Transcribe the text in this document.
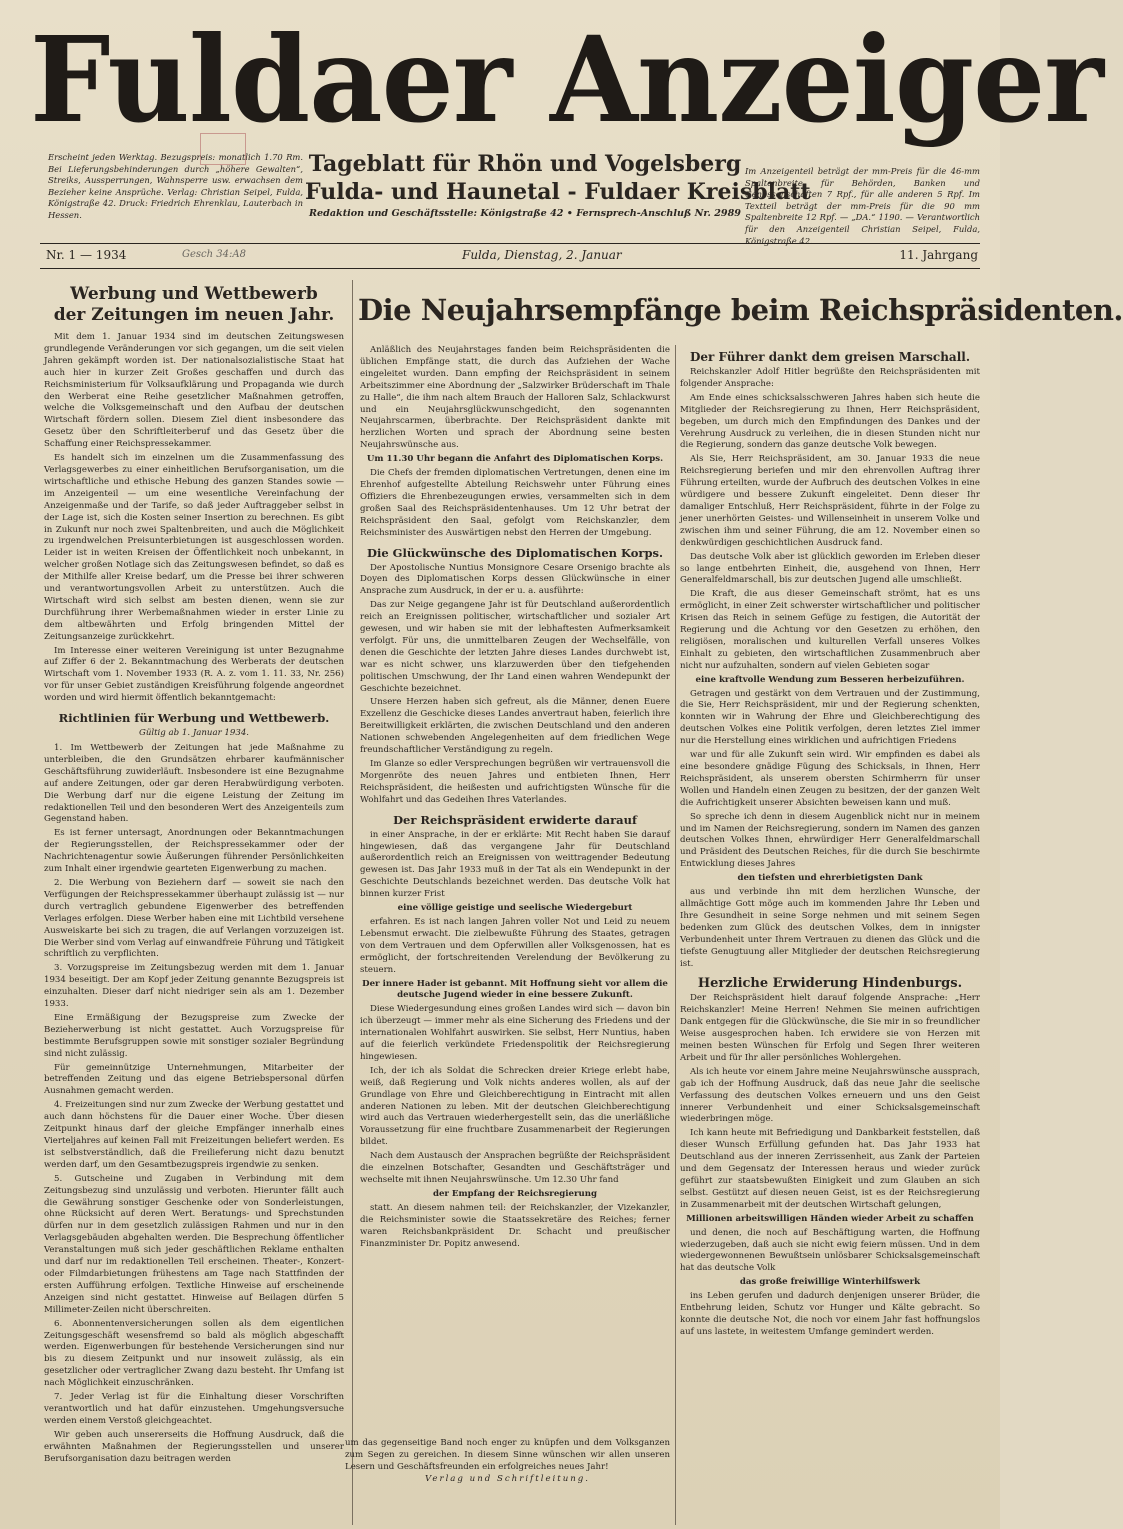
Fuldaer Anzeiger
Erscheint jeden Werktag. Bezugspreis: monatlich 1.70 Rm. Bei Lieferungsbehinderungen durch „höhere Gewalten“, Streiks, Aussperrungen, Wahnsperre usw. erwachsen dem Bezieher keine Ansprüche. Verlag: Christian Seipel, Fulda, Königstraße 42. Druck: Friedrich Ehrenklau, Lauterbach in Hessen.
Tageblatt für Rhön und Vogelsberg
Fulda- und Haunetal - Fuldaer Kreisblatt
Redaktion und Geschäftsstelle: Königstraße 42 • Fernsprech-Anschluß Nr. 2989
Im Anzeigenteil beträgt der mm-Preis für die 46-mm Spaltenbreite für Behörden, Banken und Genossenschaften 7 Rpf., für alle anderen 5 Rpf. Im Textteil beträgt der mm-Preis für die 90 mm Spaltenbreite 12 Rpf. — „DA.“ 1190. — Verantwortlich für den Anzeigenteil Christian Seipel, Fulda, Königstraße 42.
Nr. 1 — 1934	Gesch 34:A8	Fulda, Dienstag, 2. Januar	11. Jahrgang
Werbung und Wettbewerb
der Zeitungen im neuen Jahr.

Mit dem 1. Januar 1934 sind im deutschen Zeitungswesen grundlegende Veränderungen vor sich gegangen, um die seit vielen Jahren gekämpft worden ist. Der nationalsozialistische Staat hat auch hier in kurzer Zeit Großes geschaffen und durch das Reichsministerium für Volksaufklärung und Propaganda wie durch den Werberat eine Reihe gesetzlicher Maßnahmen getroffen, welche die Volksgemeinschaft und den Aufbau der deutschen Wirtschaft fördern sollen. Diesem Ziel dient insbesondere das Gesetz über den Schriftleiterberuf und das Gesetz über die Schaffung einer Reichspressekammer.

Es handelt sich im einzelnen um die Zusammenfassung des Verlagsgewerbes zu einer einheitlichen Berufsorganisation, um die wirtschaftliche und ethische Hebung des ganzen Standes sowie — im Anzeigenteil — um eine wesentliche Vereinfachung der Anzeigenmaße und der Tarife, so daß jeder Auftraggeber selbst in der Lage ist, sich die Kosten seiner Insertion zu berechnen. Es gibt in Zukunft nur noch zwei Spaltenbreiten, und auch die Möglichkeit zu irgendwelchen Preisunterbietungen ist ausgeschlossen worden. Leider ist in weiten Kreisen der Öffentlichkeit noch unbekannt, in welcher großen Notlage sich das Zeitungswesen befindet, so daß es der Mithilfe aller Kreise bedarf, um die Presse bei ihrer schweren und verantwortungsvollen Arbeit zu unterstützen. Auch die Wirtschaft wird sich selbst am besten dienen, wenn sie zur Durchführung ihrer Werbemaßnahmen wieder in erster Linie zu dem altbewährten und Erfolg bringenden Mittel der Zeitungsanzeige zurückkehrt.

Im Interesse einer weiteren Vereinigung ist unter Bezugnahme auf Ziffer 6 der 2. Bekanntmachung des Werberats der deutschen Wirtschaft vom 1. November 1933 (R. A. z. vom 1. 11. 33, Nr. 256) vor für unser Gebiet zuständigen Kreisführung folgende angeordnet worden und wird hiermit öffentlich bekanntgemacht:

Richtlinien für Werbung und Wettbewerb.
Gültig ab 1. Januar 1934.

1. Im Wettbewerb der Zeitungen hat jede Maßnahme zu unterbleiben, die den Grundsätzen ehrbarer kaufmännischer Geschäftsführung zuwiderläuft. Insbesondere ist eine Bezugnahme auf andere Zeitungen, oder gar deren Herabwürdigung verboten. Die Werbung darf nur die eigene Leistung der Zeitung im redaktionellen Teil und den besonderen Wert des Anzeigenteils zum Gegenstand haben.

Es ist ferner untersagt, Anordnungen oder Bekanntmachungen der Regierungsstellen, der Reichspressekammer oder der Nachrichtenagentur sowie Äußerungen führender Persönlichkeiten zum Inhalt einer irgendwie gearteten Eigenwerbung zu machen.

2. Die Werbung von Beziehern darf — soweit sie nach den Verfügungen der Reichspressekammer überhaupt zulässig ist — nur durch vertraglich gebundene Eigenwerber des betreffenden Verlages erfolgen. Diese Werber haben eine mit Lichtbild versehene Ausweiskarte bei sich zu tragen, die auf Verlangen vorzuzeigen ist. Die Werber sind vom Verlag auf einwandfreie Führung und Tätigkeit schriftlich zu verpflichten.

3. Vorzugspreise im Zeitungsbezug werden mit dem 1. Januar 1934 beseitigt. Der am Kopf jeder Zeitung genannte Bezugspreis ist einzuhalten. Dieser darf nicht niedriger sein als am 1. Dezember 1933.

Eine Ermäßigung der Bezugspreise zum Zwecke der Bezieherwerbung ist nicht gestattet. Auch Vorzugspreise für bestimmte Berufsgruppen sowie mit sonstiger sozialer Begründung sind nicht zulässig.

Für gemeinnützige Unternehmungen, Mitarbeiter der betreffenden Zeitung und das eigene Betriebspersonal dürfen Ausnahmen gemacht werden.

4. Freizeitungen sind nur zum Zwecke der Werbung gestattet und auch dann höchstens für die Dauer einer Woche. Über diesen Zeitpunkt hinaus darf der gleiche Empfänger innerhalb eines Vierteljahres auf keinen Fall mit Freizeitungen beliefert werden. Es ist selbstverständlich, daß die Freilieferung nicht dazu benutzt werden darf, um den Gesamtbezugspreis irgendwie zu senken.

5. Gutscheine und Zugaben in Verbindung mit dem Zeitungsbezug sind unzulässig und verboten. Hierunter fällt auch die Gewährung sonstiger Geschenke oder von Sonderleistungen, ohne Rücksicht auf deren Wert. Beratungs- und Sprechstunden dürfen nur in dem gesetzlich zulässigen Rahmen und nur in den Verlagsgebäuden abgehalten werden. Die Besprechung öffentlicher Veranstaltungen muß sich jeder geschäftlichen Reklame enthalten und darf nur im redaktionellen Teil erscheinen. Theater-, Konzert- oder Filmdarbietungen frühestens am Tage nach Stattfinden der ersten Aufführung erfolgen. Textliche Hinweise auf erscheinende Anzeigen sind nicht gestattet. Hinweise auf Beilagen dürfen 5 Millimeter-Zeilen nicht überschreiten.

6. Abonnentenversicherungen sollen als dem eigentlichen Zeitungsgeschäft wesensfremd so bald als möglich abgeschafft werden. Eigenwerbungen für bestehende Versicherungen sind nur bis zu diesem Zeitpunkt und nur insoweit zulässig, als ein gesetzlicher oder vertraglicher Zwang dazu besteht. Ihr Umfang ist nach Möglichkeit einzuschränken.

7. Jeder Verlag ist für die Einhaltung dieser Vorschriften verantwortlich und hat dafür einzustehen. Umgehungsversuche werden einem Verstoß gleichgeachtet.

Wir geben auch unsererseits die Hoffnung Ausdruck, daß die erwähnten Maßnahmen der Regierungsstellen und unserer Berufsorganisation dazu beitragen werden

Die Neujahrsempfänge beim Reichspräsidenten.

Anläßlich des Neujahrstages fanden beim Reichspräsidenten die üblichen Empfänge statt, die durch das Aufziehen der Wache eingeleitet wurden. Dann empfing der Reichspräsident in seinem Arbeitszimmer eine Abordnung der „Salzwirker Brüderschaft im Thale zu Halle“, die ihm nach altem Brauch der Halloren Salz, Schlackwurst und ein Neujahrsglückwunschgedicht, den sogenannten Neujahrscarmen, überbrachte. Der Reichspräsident dankte mit herzlichen Worten und sprach der Abordnung seine besten Neujahrswünsche aus.

Um 11.30 Uhr begann die Anfahrt des Diplomatischen Korps.

Die Chefs der fremden diplomatischen Vertretungen, denen eine im Ehrenhof aufgestellte Abteilung Reichswehr unter Führung eines Offiziers die Ehrenbezeugungen erwies, versammelten sich in dem großen Saal des Reichspräsidentenhauses. Um 12 Uhr betrat der Reichspräsident den Saal, gefolgt vom Reichskanzler, dem Reichsminister des Auswärtigen nebst den Herren der Umgebung.

Die Glückwünsche des Diplomatischen Korps.

Der Apostolische Nuntius Monsignore Cesare Orsenigo brachte als Doyen des Diplomatischen Korps dessen Glückwünsche in einer Ansprache zum Ausdruck, in der er u. a. ausführte:

Das zur Neige gegangene Jahr ist für Deutschland außerordentlich reich an Ereignissen politischer, wirtschaftlicher und sozialer Art gewesen, und wir haben sie mit der lebhaftesten Aufmerksamkeit verfolgt. Für uns, die unmittelbaren Zeugen der Wechselfälle, von denen die Geschichte der letzten Jahre dieses Landes durchwebt ist, war es nicht schwer, uns klarzuwerden über den tiefgehenden politischen Umschwung, der Ihr Land einen wahren Wendepunkt der Geschichte bezeichnet.

Unsere Herzen haben sich gefreut, als die Männer, denen Euere Exzellenz die Geschicke dieses Landes anvertraut haben, feierlich ihre Bereitwilligkeit erklärten, die zwischen Deutschland und den anderen Nationen schwebenden Angelegenheiten auf dem friedlichen Wege freundschaftlicher Verständigung zu regeln.

Im Glanze so edler Versprechungen begrüßen wir vertrauensvoll die Morgenröte des neuen Jahres und entbieten Ihnen, Herr Reichspräsident, die heißesten und aufrichtigsten Wünsche für die Wohlfahrt und das Gedeihen Ihres Vaterlandes.

Der Reichspräsident erwiderte darauf

in einer Ansprache, in der er erklärte: Mit Recht haben Sie darauf hingewiesen, daß das vergangene Jahr für Deutschland außerordentlich reich an Ereignissen von weittragender Bedeutung gewesen ist. Das Jahr 1933 muß in der Tat als ein Wendepunkt in der Geschichte Deutschlands bezeichnet werden. Das deutsche Volk hat binnen kurzer Frist

eine völlige geistige und seelische Wiedergeburt

erfahren. Es ist nach langen Jahren voller Not und Leid zu neuem Lebensmut erwacht. Die zielbewußte Führung des Staates, getragen von dem Vertrauen und dem Opferwillen aller Volksgenossen, hat es ermöglicht, der fortschreitenden Verelendung der Bevölkerung zu steuern.

Der innere Hader ist gebannt. Mit Hoffnung sieht vor allem die deutsche Jugend wieder in eine bessere Zukunft.

Diese Wiedergesundung eines großen Landes wird sich — davon bin ich überzeugt — immer mehr als eine Sicherung des Friedens und der internationalen Wohlfahrt auswirken. Sie selbst, Herr Nuntius, haben auf die feierlich verkündete Friedenspolitik der Reichsregierung hingewiesen.

Ich, der ich als Soldat die Schrecken dreier Kriege erlebt habe, weiß, daß Regierung und Volk nichts anderes wollen, als auf der Grundlage von Ehre und Gleichberechtigung in Eintracht mit allen anderen Nationen zu leben. Mit der deutschen Gleichberechtigung wird auch das Vertrauen wiederhergestellt sein, das die unerläßliche Voraussetzung für eine fruchtbare Zusammenarbeit der Regierungen bildet.

Nach dem Austausch der Ansprachen begrüßte der Reichspräsident die einzelnen Botschafter, Gesandten und Geschäftsträger und wechselte mit ihnen Neujahrswünsche. Um 12.30 Uhr fand

der Empfang der Reichsregierung

statt. An diesem nahmen teil: der Reichskanzler, der Vizekanzler, die Reichsminister sowie die Staatssekretäre des Reiches; ferner waren Reichsbankpräsident Dr. Schacht und preußischer Finanzminister Dr. Popitz anwesend.

um das gegenseitige Band noch enger zu knüpfen und dem Volksganzen zum Segen zu gereichen. In diesem Sinne wünschen wir allen unseren Lesern und Geschäftsfreunden ein erfolgreiches neues Jahr!
Verlag und Schriftleitung.
Der Führer dankt dem greisen Marschall.

Reichskanzler Adolf Hitler begrüßte den Reichspräsidenten mit folgender Ansprache:

Am Ende eines schicksalsschweren Jahres haben sich heute die Mitglieder der Reichsregierung zu Ihnen, Herr Reichspräsident, begeben, um durch mich den Empfindungen des Dankes und der Verehrung Ausdruck zu verleihen, die in diesen Stunden nicht nur die Regierung, sondern das ganze deutsche Volk bewegen.

Als Sie, Herr Reichspräsident, am 30. Januar 1933 die neue Reichsregierung beriefen und mir den ehrenvollen Auftrag ihrer Führung erteilten, wurde der Aufbruch des deutschen Volkes in eine würdigere und bessere Zukunft eingeleitet. Denn dieser Ihr damaliger Entschluß, Herr Reichspräsident, führte in der Folge zu jener unerhörten Geistes- und Willenseinheit in unserem Volke und zwischen ihm und seiner Führung, die am 12. November einen so denkwürdigen geschichtlichen Ausdruck fand.

Das deutsche Volk aber ist glücklich geworden im Erleben dieser so lange entbehrten Einheit, die, ausgehend von Ihnen, Herr Generalfeldmarschall, bis zur deutschen Jugend alle umschließt.

Die Kraft, die aus dieser Gemeinschaft strömt, hat es uns ermöglicht, in einer Zeit schwerster wirtschaftlicher und politischer Krisen das Reich in seinem Gefüge zu festigen, die Autorität der Regierung und die Achtung vor den Gesetzen zu erhöhen, den religiösen, moralischen und kulturellen Verfall unseres Volkes Einhalt zu gebieten, den wirtschaftlichen Zusammenbruch aber nicht nur aufzuhalten, sondern auf vielen Gebieten sogar

eine kraftvolle Wendung zum Besseren herbeizuführen.

Getragen und gestärkt von dem Vertrauen und der Zustimmung, die Sie, Herr Reichspräsident, mir und der Regierung schenkten, konnten wir in Wahrung der Ehre und Gleichberechtigung des deutschen Volkes eine Politik verfolgen, deren letztes Ziel immer nur die Herstellung eines wirklichen und aufrichtigen Friedens

war und für alle Zukunft sein wird. Wir empfinden es dabei als eine besondere gnädige Fügung des Schicksals, in Ihnen, Herr Reichspräsident, als unserem obersten Schirmherrn für unser Wollen und Handeln einen Zeugen zu besitzen, der der ganzen Welt die Aufrichtigkeit unserer Absichten beweisen kann und muß.

So spreche ich denn in diesem Augenblick nicht nur in meinem und im Namen der Reichsregierung, sondern im Namen des ganzen deutschen Volkes Ihnen, ehrwürdiger Herr Generalfeldmarschall und Präsident des Deutschen Reiches, für die durch Sie beschirmte Entwicklung dieses Jahres

den tiefsten und ehrerbietigsten Dank

aus und verbinde ihn mit dem herzlichen Wunsche, der allmächtige Gott möge auch im kommenden Jahre Ihr Leben und Ihre Gesundheit in seine Sorge nehmen und mit seinem Segen bedenken zum Glück des deutschen Volkes, dem in innigster Verbundenheit unter Ihrem Vertrauen zu dienen das Glück und die tiefste Genugtuung aller Mitglieder der deutschen Reichsregierung ist.

Herzliche Erwiderung Hindenburgs.

Der Reichspräsident hielt darauf folgende Ansprache: „Herr Reichskanzler! Meine Herren! Nehmen Sie meinen aufrichtigen Dank entgegen für die Glückwünsche, die Sie mir in so freundlicher Weise ausgesprochen haben. Ich erwidere sie von Herzen mit meinen besten Wünschen für Erfolg und Segen Ihrer weiteren Arbeit und für Ihr aller persönliches Wohlergehen.

Als ich heute vor einem Jahre meine Neujahrswünsche aussprach, gab ich der Hoffnung Ausdruck, daß das neue Jahr die seelische Verfassung des deutschen Volkes erneuern und uns den Geist innerer Verbundenheit und einer Schicksalsgemeinschaft wiederbringen möge.

Ich kann heute mit Befriedigung und Dankbarkeit feststellen, daß dieser Wunsch Erfüllung gefunden hat. Das Jahr 1933 hat Deutschland aus der inneren Zerrissenheit, aus Zank der Parteien und dem Gegensatz der Interessen heraus und wieder zurück geführt zur staatsbewußten Einigkeit und zum Glauben an sich selbst. Gestützt auf diesen neuen Geist, ist es der Reichsregierung in Zusammenarbeit mit der deutschen Wirtschaft gelungen,

Millionen arbeitswilligen Händen wieder Arbeit zu schaffen

und denen, die noch auf Beschäftigung warten, die Hoffnung wiederzugeben, daß auch sie nicht ewig feiern müssen. Und in dem wiedergewonnenen Bewußtsein unlösbarer Schicksalsgemeinschaft hat das deutsche Volk

das große freiwillige Winterhilfswerk

ins Leben gerufen und dadurch denjenigen unserer Brüder, die Entbehrung leiden, Schutz vor Hunger und Kälte gebracht. So konnte die deutsche Not, die noch vor einem Jahr fast hoffnungslos auf uns lastete, in weitestem Umfange gemindert werden.
